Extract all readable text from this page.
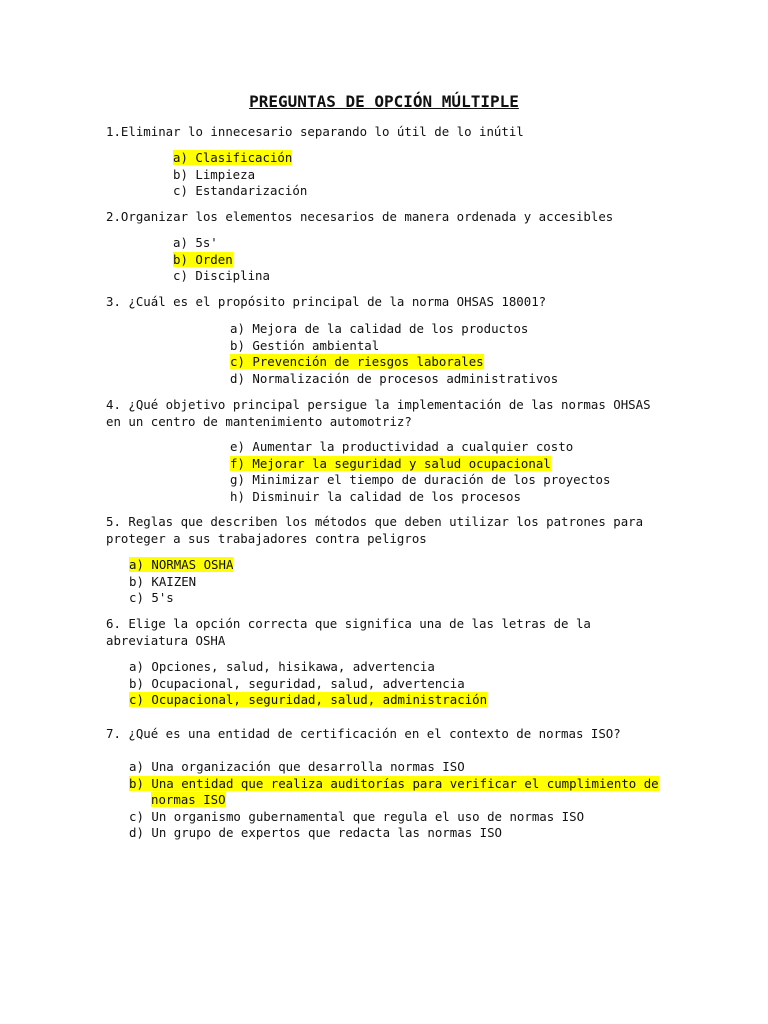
PREGUNTAS DE OPCIÓN MÚLTIPLE

1.Eliminar lo innecesario separando lo útil de lo inútil

a) Clasificación
b) Limpieza
c) Estandarización

2.Organizar los elementos necesarios de manera ordenada y accesibles

a) 5s'
b) Orden
c) Disciplina

3. ¿Cuál es el propósito principal de la norma OHSAS 18001?

a) Mejora de la calidad de los productos
b) Gestión ambiental
c) Prevención de riesgos laborales
d) Normalización de procesos administrativos

4. ¿Qué objetivo principal persigue la implementación de las normas OHSAS en un centro de mantenimiento automotriz?

e) Aumentar la productividad a cualquier costo
f) Mejorar la seguridad y salud ocupacional
g) Minimizar el tiempo de duración de los proyectos
h) Disminuir la calidad de los procesos

5. Reglas que describen los métodos que deben utilizar los patrones para proteger a sus trabajadores contra peligros

a) NORMAS OSHA
b) KAIZEN
c) 5's

6. Elige la opción correcta que significa una de las letras de la abreviatura OSHA

a) Opciones, salud, hisikawa, advertencia
b) Ocupacional, seguridad, salud, advertencia
c) Ocupacional, seguridad, salud, administración

7. ¿Qué es una entidad de certificación en el contexto de normas ISO?

a) Una organización que desarrolla normas ISO
b) Una entidad que realiza auditorías para verificar el cumplimiento de normas ISO
c) Un organismo gubernamental que regula el uso de normas ISO
d) Un grupo de expertos que redacta las normas ISO
